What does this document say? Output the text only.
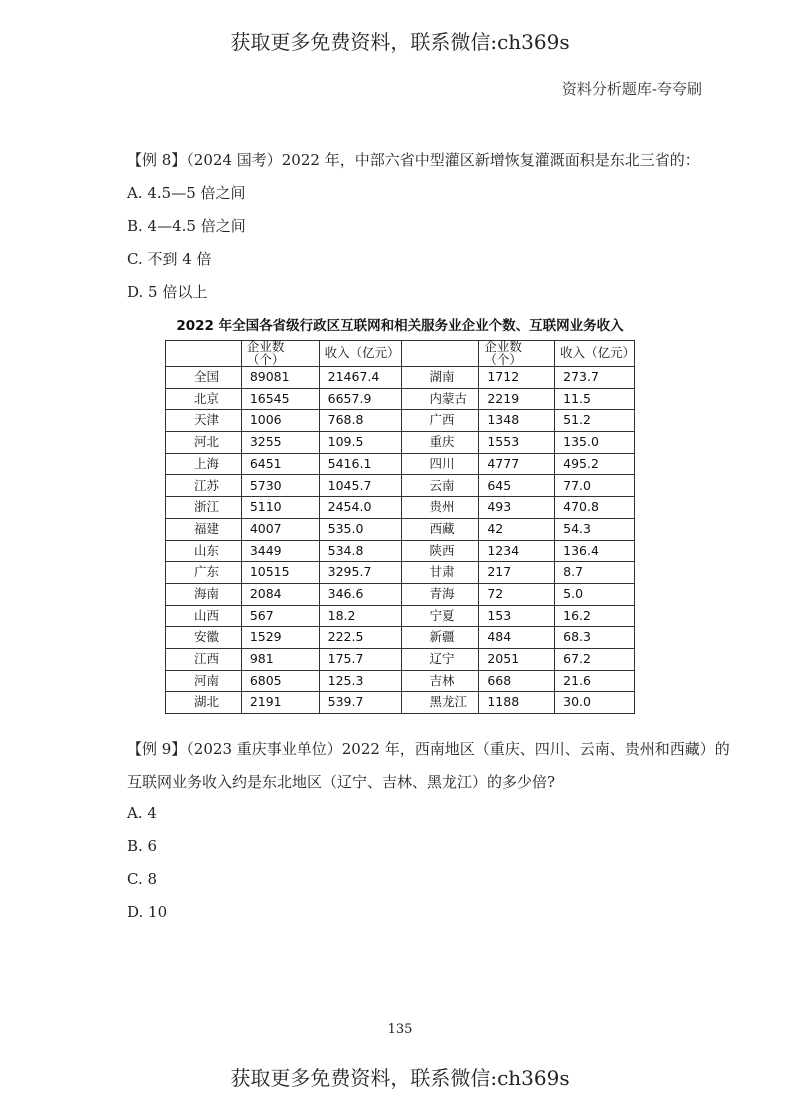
获取更多免费资料，联系微信:ch369s
资料分析题库-夸夸刷
【例 8】（2024 国考）2022 年，中部六省中型灌区新增恢复灌溉面积是东北三省的：
A. 4.5—5 倍之间
B. 4—4.5 倍之间
C. 不到 4 倍
D. 5 倍以上
2022 年全国各省级行政区互联网和相关服务业企业个数、互联网业务收入
	企业数（个）	收入（亿元）		企业数（个）	收入（亿元）
全国	89081	21467.4	湖南	1712	273.7
北京	16545	6657.9	内蒙古	2219	11.5
天津	1006	768.8	广西	1348	51.2
河北	3255	109.5	重庆	1553	135.0
上海	6451	5416.1	四川	4777	495.2
江苏	5730	1045.7	云南	645	77.0
浙江	5110	2454.0	贵州	493	470.8
福建	4007	535.0	西藏	42	54.3
山东	3449	534.8	陕西	1234	136.4
广东	10515	3295.7	甘肃	217	8.7
海南	2084	346.6	青海	72	5.0
山西	567	18.2	宁夏	153	16.2
安徽	1529	222.5	新疆	484	68.3
江西	981	175.7	辽宁	2051	67.2
河南	6805	125.3	吉林	668	21.6
湖北	2191	539.7	黑龙江	1188	30.0
【例 9】（2023 重庆事业单位）2022 年，西南地区（重庆、四川、云南、贵州和西藏）的
互联网业务收入约是东北地区（辽宁、吉林、黑龙江）的多少倍?
A. 4
B. 6
C. 8
D. 10
135
获取更多免费资料，联系微信:ch369s
